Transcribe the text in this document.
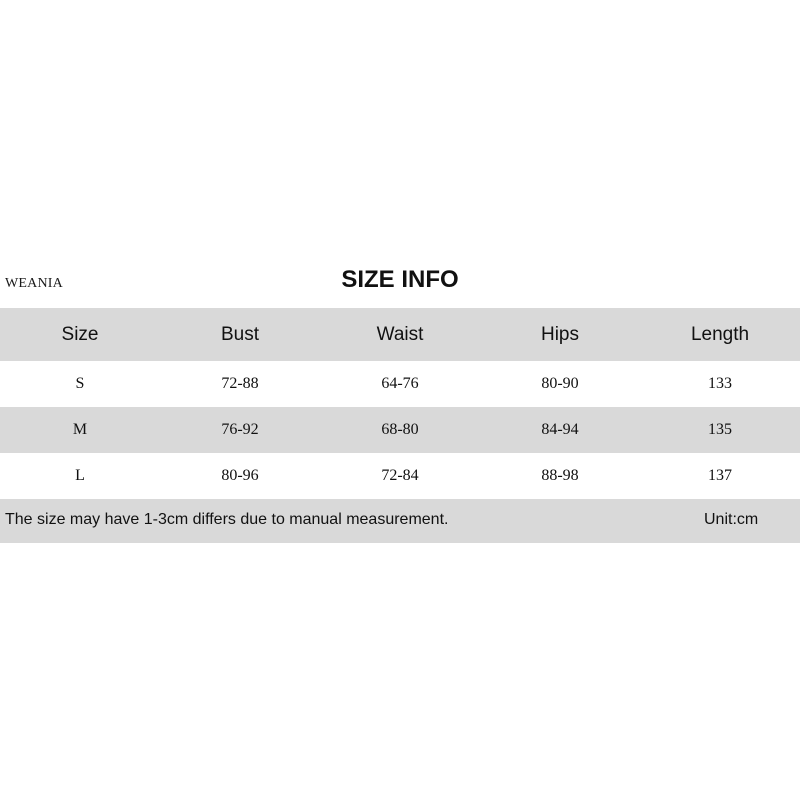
WEANIA	SIZE INFO
Size	Bust	Waist	Hips	Length
S	72-88	64-76	80-90	133
M	76-92	68-80	84-94	135
L	80-96	72-84	88-98	137
The size may have 1-3cm differs due to manual measurement.	Unit:cm
